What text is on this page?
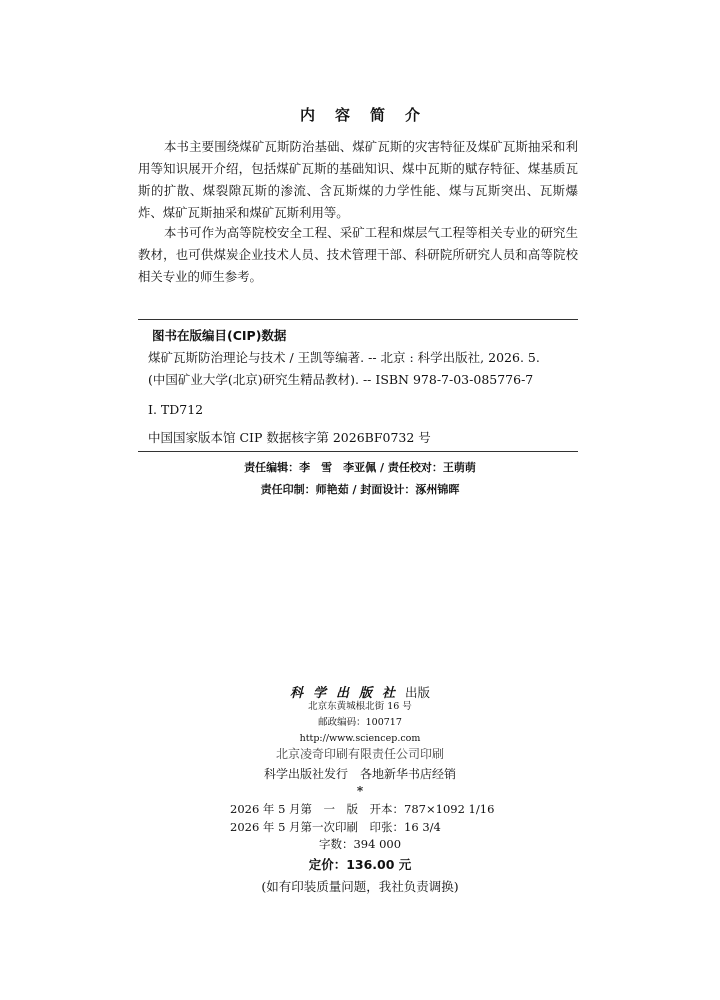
内容简介

本书主要围绕煤矿瓦斯防治基础、煤矿瓦斯的灾害特征及煤矿瓦斯抽采和利用等知识展开介绍，包括煤矿瓦斯的基础知识、煤中瓦斯的赋存特征、煤基质瓦斯的扩散、煤裂隙瓦斯的渗流、含瓦斯煤的力学性能、煤与瓦斯突出、瓦斯爆炸、煤矿瓦斯抽采和煤矿瓦斯利用等。

本书可作为高等院校安全工程、采矿工程和煤层气工程等相关专业的研究生教材，也可供煤炭企业技术人员、技术管理干部、科研院所研究人员和高等院校相关专业的师生参考。

图书在版编目(CIP)数据
煤矿瓦斯防治理论与技术 / 王凯等编著. -- 北京 : 科学出版社, 2026. 5.
(中国矿业大学(北京)研究生精品教材). -- ISBN 978-7-03-085776-7
Ⅰ. TD712
中国国家版本馆 CIP 数据核字第 2026BF0732 号
责任编辑：李　雪　李亚佩 / 责任校对：王萌萌
责任印制：师艳茹 / 封面设计：涿州锦晖
科学出版社出版
北京东黄城根北街 16 号
邮政编码：100717
http://www.sciencep.com
北京凌奇印刷有限责任公司印刷
科学出版社发行　各地新华书店经销
*
2026 年 5 月第　一　版　开本：787×1092 1/16
2026 年 5 月第一次印刷　印张：16 3/4
字数：394 000
定价：136.00 元
(如有印装质量问题，我社负责调换)
